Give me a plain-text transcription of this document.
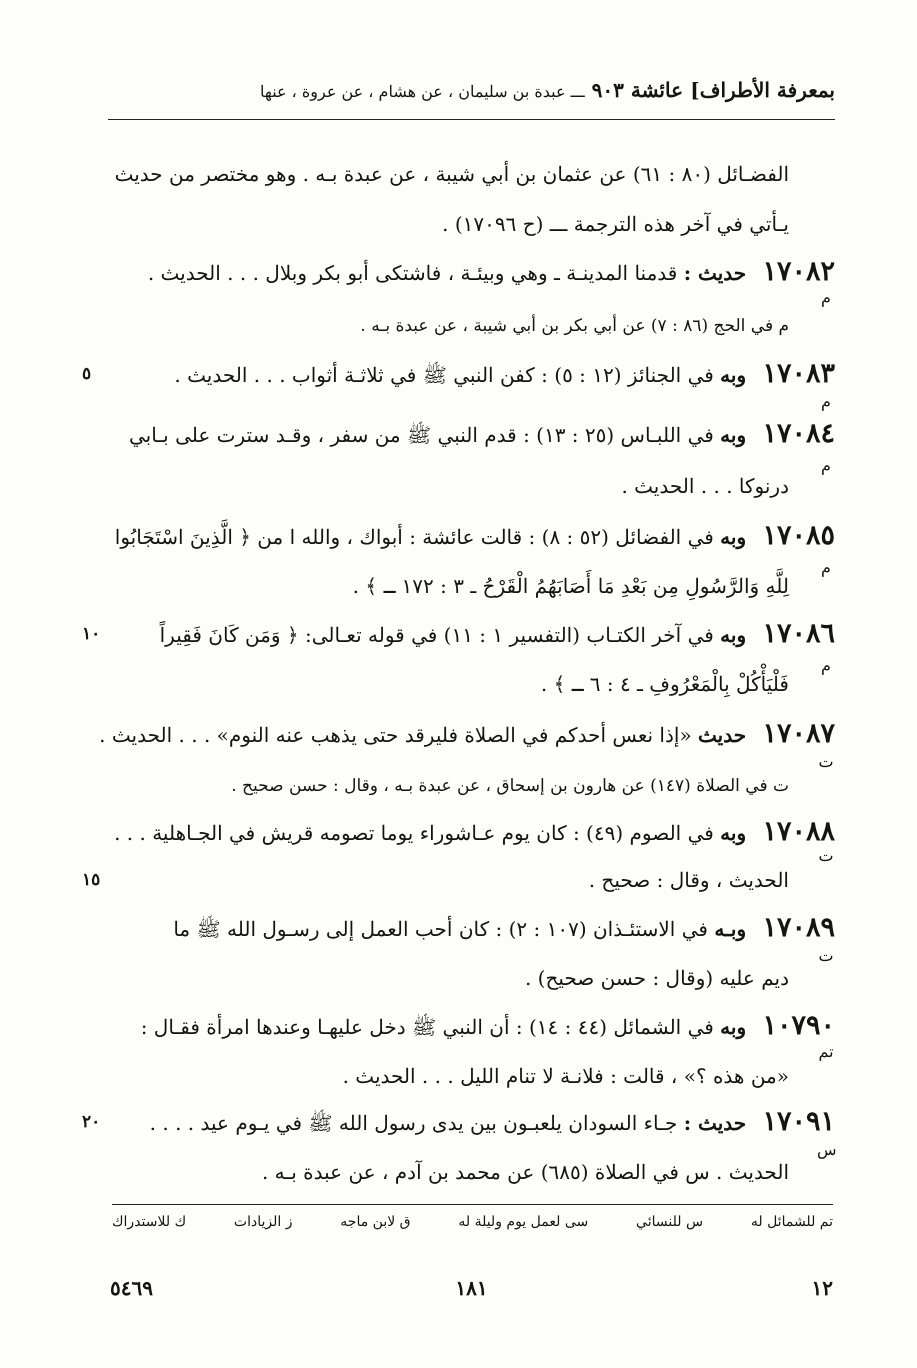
بمعرفة الأطراف]
عائشة ٩٠٣ ـــ عبدة بن سليمان ، عن هشام ، عن عروة ، عنها
الفضـائل (٨٠ : ٦١) عن عثمان بن أبي شيبة ، عن عبدة بـه . وهو مختصر من حديث
يـأتي في آخر هذه الترجمة ـــ (ح ١٧٠٩٦) .
١٧٠٨٢ حديث : قدمنا المدينـة ـ وهي وبيئـة ، فاشتكى أبو بكر وبلال . . . الحديث .
م
م في الحج (٨٦ : ٧) عن أبي بكر بن أبي شيبة ، عن عبدة بـه .
١٧٠٨٣ وبه في الجنائز (١٢ : ٥) : كفن النبي ﷺ في ثلاثـة أثواب . . . الحديث .
٥
م
١٧٠٨٤ وبه في اللبـاس (٢٥ : ١٣) : قدم النبي ﷺ من سفر ، وقـد سترت على بـابي
م
درنوكا . . . الحديث .
١٧٠٨٥ وبه في الفضائل (٥٢ : ٨) : قالت عائشة : أبواك ، والله ا من ﴿ الَّذِينَ اسْتَجَابُوا
م
لِلَّهِ وَالرَّسُولِ مِن بَعْدِ مَا أَصَابَهُمُ الْقَرْحُ ـ ٣ : ١٧٢ ـ ﴾ .
١٧٠٨٦ وبه في آخر الكتـاب (التفسير ١ : ١١) في قوله تعـالى: ﴿ وَمَن كَانَ فَقِيراً
١٠
م
فَلْيَأْكُلْ بِالْمَعْرُوفِ ـ ٤ : ٦ ـ ﴾ .
١٧٠٨٧ حديث «إذا نعس أحدكم في الصلاة فليرقد حتى يذهب عنه النوم» . . . الحديث .
ت
ت في الصلاة (١٤٧) عن هارون بن إسحاق ، عن عبدة بـه ، وقال : حسن صحيح .
١٧٠٨٨ وبه في الصوم (٤٩) : كان يوم عـاشوراء يوما تصومه قريش في الجـاهلية . . .
ت
١٥	الحديث ، وقال : صحيح .
١٧٠٨٩ وبـه في الاستئـذان (١٠٧ : ٢) : كان أحب العمل إلى رسـول الله ﷺ ما
ت
ديم عليه (وقال : حسن صحيح) .
١٠٧٩٠ وبه في الشمائل (٤٤ : ١٤) : أن النبي ﷺ دخل عليهـا وعندها امرأة فقـال :
تم
«من هذه ؟» ، قالت : فلانـة لا تنام الليل . . . الحديث .
١٧٠٩١ حديث : جـاء السودان يلعبـون بين يدى رسول الله ﷺ في يـوم عيد . . . .
٢٠
س
الحديث . س في الصلاة (٦٨٥) عن محمد بن آدم ، عن عبدة بـه .
تم للشمائل له
س للنسائي
سى لعمل يوم وليلة له
ق لابن ماجه
ز الزيادات
ك للاستدراك
١٢
١٨١
٥٤٦٩
